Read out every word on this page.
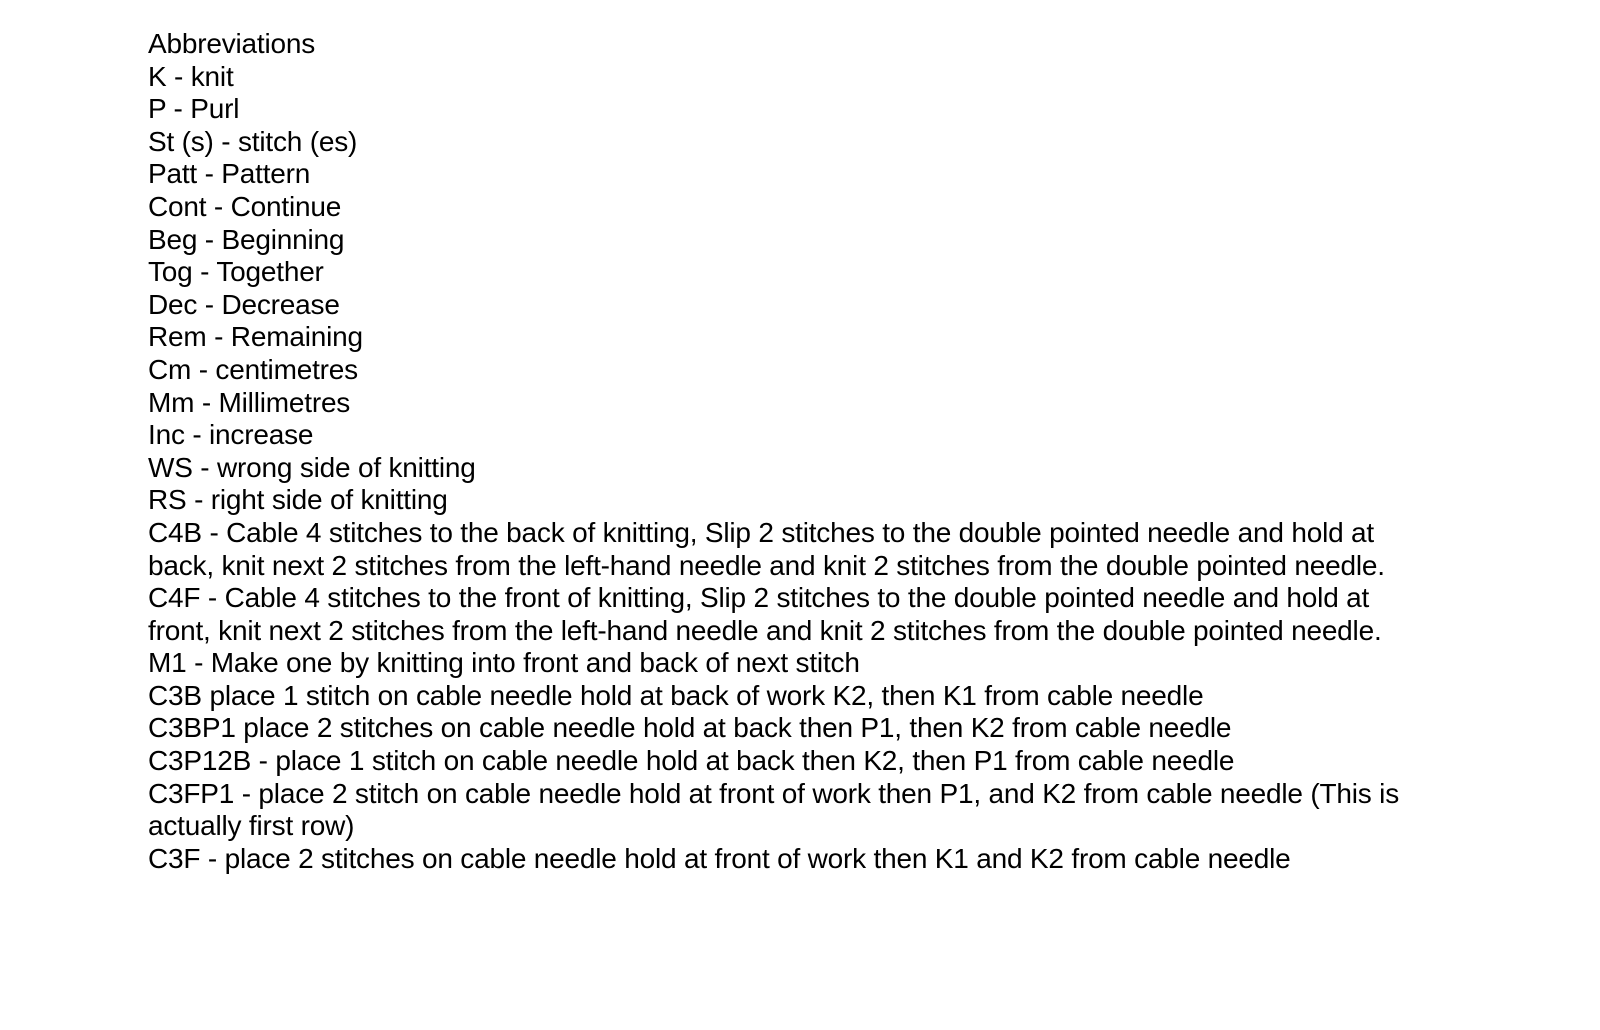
Abbreviations
K - knit
P - Purl
St (s) - stitch (es)
Patt - Pattern
Cont - Continue
Beg - Beginning
Tog - Together
Dec - Decrease
Rem - Remaining
Cm - centimetres
Mm - Millimetres
Inc - increase
WS - wrong side of knitting
RS - right side of knitting
C4B - Cable 4 stitches to the back of knitting, Slip 2 stitches to the double pointed needle and hold at back, knit next 2 stitches from the left-hand needle and knit 2 stitches from the double pointed needle.
C4F - Cable 4 stitches to the front of knitting, Slip 2 stitches to the double pointed needle and hold at front, knit next 2 stitches from the left-hand needle and knit 2 stitches from the double pointed needle.
M1 - Make one by knitting into front and back of next stitch
C3B place 1 stitch on cable needle hold at back of work K2, then K1 from cable needle
C3BP1 place 2 stitches on cable needle hold at back then P1, then K2 from cable needle
C3P12B - place 1 stitch on cable needle hold at back then K2, then P1 from cable needle
C3FP1 - place 2 stitch on cable needle hold at front of work then P1, and K2 from cable needle (This is actually first row)
C3F - place 2 stitches on cable needle hold at front of work then K1 and K2 from cable needle
